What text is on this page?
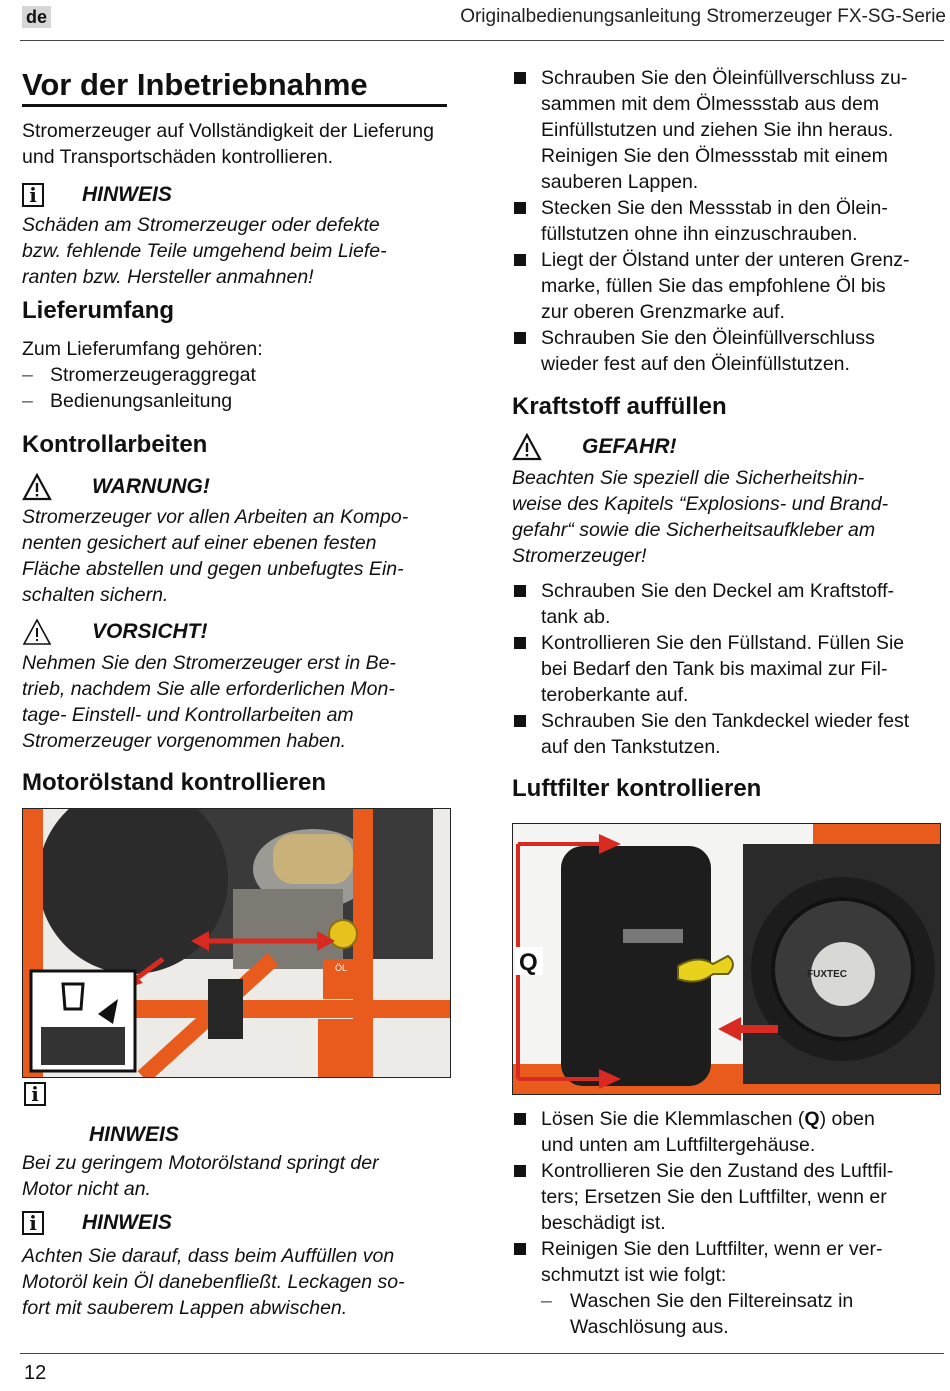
de	Originalbedienungsanleitung Stromerzeuger FX-SG-Serie
Vor der Inbetriebnahme

Stromerzeuger auf Vollständigkeit der Lieferung und Transportschäden kontrollieren.

i	HINWEIS
Schäden am Stromerzeuger oder defekte
bzw. fehlende Teile umgehend beim Liefe-
ranten bzw. Hersteller anmahnen!
Lieferumfang
Zum Lieferumfang gehören:
– Stromerzeugeraggregat
– Bedienungsanleitung
Kontrollarbeiten
WARNUNG!
Stromerzeuger vor allen Arbeiten an Kompo-
nenten gesichert auf einer ebenen festen
Fläche abstellen und gegen unbefugtes Ein-
schalten sichern.
VORSICHT!
Nehmen Sie den Stromerzeuger erst in Be-
trieb, nachdem Sie alle erforderlichen Mon-
tage- Einstell- und Kontrollarbeiten am
Stromerzeuger vorgenommen haben.
Motorölstand kontrollieren
ÖL
i
HINWEIS
Bei zu geringem Motorölstand springt der
Motor nicht an.
i	HINWEIS
Achten Sie darauf, dass beim Auffüllen von
Motoröl kein Öl danebenfließt. Leckagen so-
fort mit sauberem Lappen abwischen.
Schrauben Sie den Öleinfüllverschluss zu-
sammen mit dem Ölmessstab aus dem
Einfüllstutzen und ziehen Sie ihn heraus.
Reinigen Sie den Ölmessstab mit einem
sauberen Lappen.
Stecken Sie den Messstab in den Ölein-
füllstutzen ohne ihn einzuschrauben.
Liegt der Ölstand unter der unteren Grenz-
marke, füllen Sie das empfohlene Öl bis
zur oberen Grenzmarke auf.
Schrauben Sie den Öleinfüllverschluss
wieder fest auf den Öleinfüllstutzen.
Kraftstoff auffüllen
GEFAHR!
Beachten Sie speziell die Sicherheitshin-
weise des Kapitels “Explosions- und Brand-
gefahr“ sowie die Sicherheitsaufkleber am
Stromerzeuger!
Schrauben Sie den Deckel am Kraftstoff-
tank ab.
Kontrollieren Sie den Füllstand. Füllen Sie
bei Bedarf den Tank bis maximal zur Fil-
teroberkante auf.
Schrauben Sie den Tankdeckel wieder fest
auf den Tankstutzen.
Luftfilter kontrollieren
FUXTEC
Q
Lösen Sie die Klemmlaschen (Q) oben
und unten am Luftfiltergehäuse.
Kontrollieren Sie den Zustand des Luftfil-
ters; Ersetzen Sie den Luftfilter, wenn er
beschädigt ist.
Reinigen Sie den Luftfilter, wenn er ver-
schmutzt ist wie folgt:
– Waschen Sie den Filtereinsatz in
Waschlösung aus.
12
